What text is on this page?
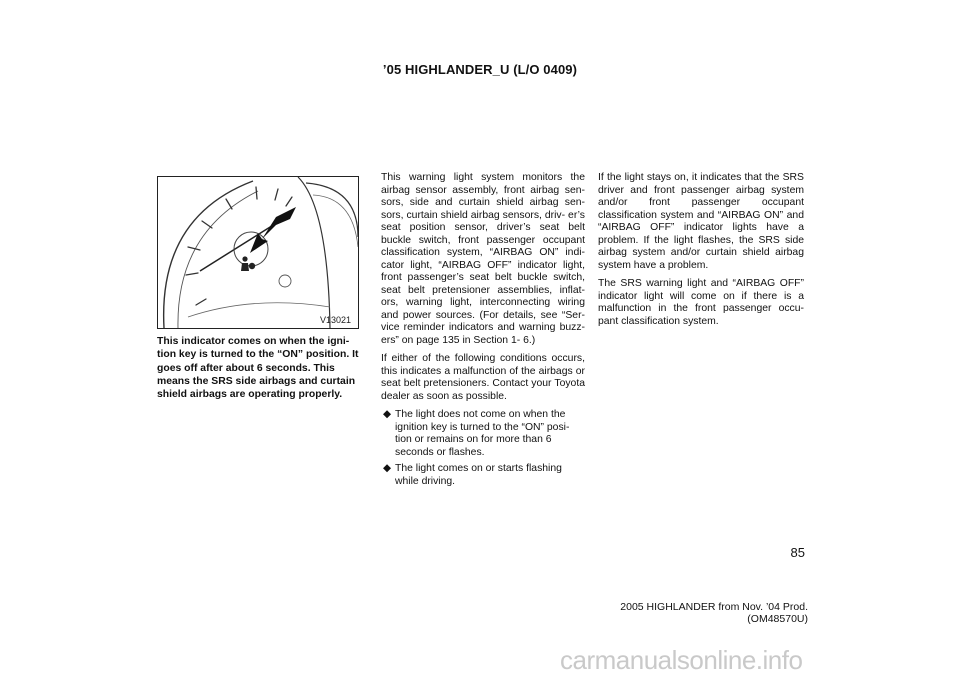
’05 HIGHLANDER_U (L/O 0409)
V13021
This indicator comes on when the igni- tion key is turned to the “ON” position. It goes off after about 6 seconds. This means the SRS side airbags and curtain shield airbags are operating properly.

This warning light system monitors the airbag sensor assembly, front airbag sen- sors, side and curtain shield airbag sen- sors, curtain shield airbag sensors, driv- er’s seat position sensor, driver’s seat belt buckle switch, front passenger occupant classification system, “AIRBAG ON” indi- cator light, “AIRBAG OFF” indicator light, front passenger’s seat belt buckle switch, seat belt pretensioner assemblies, inflat- ors, warning light, interconnecting wiring and power sources. (For details, see “Ser- vice reminder indicators and warning buzz- ers” on page 135 in Section 1- 6.)

If either of the following conditions occurs, this indicates a malfunction of the airbags or seat belt pretensioners. Contact your Toyota dealer as soon as possible.

◆ The light does not come on when the ignition key is turned to the “ON” posi- tion or remains on for more than 6 seconds or flashes.
◆ The light comes on or starts flashing while driving.

If the light stays on, it indicates that the SRS driver and front passenger airbag system and/or front passenger occupant classification system and “AIRBAG ON” and “AIRBAG OFF” indicator lights have a problem. If the light flashes, the SRS side airbag system and/or curtain shield airbag system have a problem.

The SRS warning light and “AIRBAG OFF” indicator light will come on if there is a malfunction in the front passenger occu- pant classification system.

85
2005 HIGHLANDER from Nov. ’04 Prod. (OM48570U)
carmanualsonline.info
